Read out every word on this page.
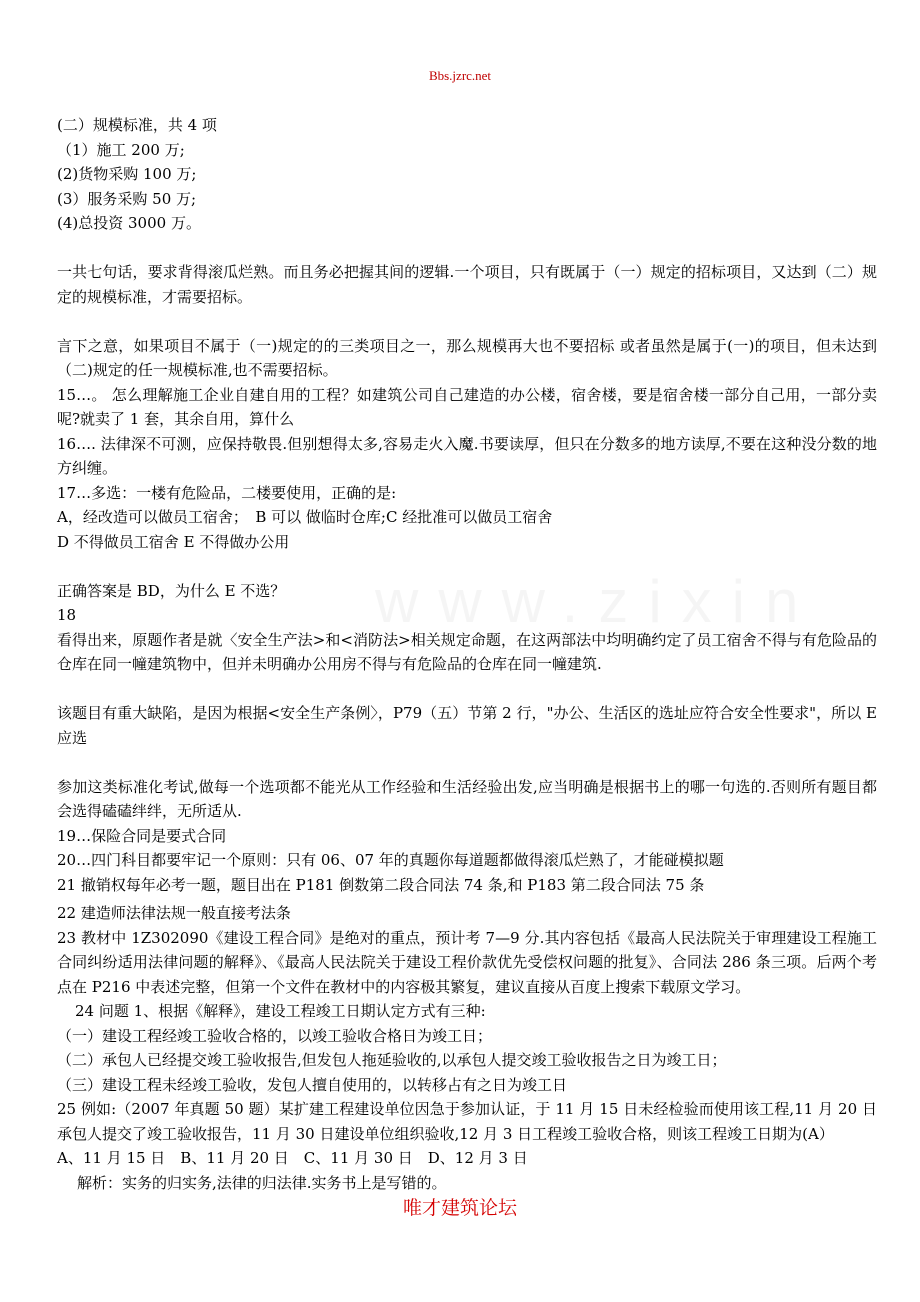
Bbs.jzrc.net
(二）规模标准，共 4 项
（1）施工 200 万;
(2)货物采购 100 万;
(3）服务采购 50 万;
(4)总投资 3000 万。
一共七句话，要求背得滚瓜烂熟。而且务必把握其间的逻辑.一个项目，只有既属于（一）规定的招标项目，又达到（二）规定的规模标准，才需要招标。
言下之意，如果项目不属于（一)规定的的三类项目之一，那么规模再大也不要招标 或者虽然是属于(一)的项目，但未达到（二)规定的任一规模标准,也不需要招标。
15…。 怎么理解施工企业自建自用的工程？如建筑公司自己建造的办公楼，宿舍楼，要是宿舍楼一部分自己用，一部分卖呢?就卖了 1 套，其余自用，算什么
16…. 法律深不可测，应保持敬畏.但别想得太多,容易走火入魔.书要读厚，但只在分数多的地方读厚,不要在这种没分数的地方纠缠。
17…多选：一楼有危险品，二楼要使用，正确的是:
A，经改造可以做员工宿舍；　B 可以 做临时仓库;C 经批准可以做员工宿舍
D 不得做员工宿舍 E 不得做办公用
正确答案是 BD，为什么 E 不选？
18
看得出来，原题作者是就〈安全生产法>和<消防法>相关规定命题，在这两部法中均明确约定了员工宿舍不得与有危险品的仓库在同一幢建筑物中，但并未明确办公用房不得与有危险品的仓库在同一幢建筑.
该题目有重大缺陷，是因为根据<安全生产条例〉，P79（五）节第 2 行，"办公、生活区的选址应符合安全性要求"，所以 E 应选
参加这类标准化考试,做每一个选项都不能光从工作经验和生活经验出发,应当明确是根据书上的哪一句选的.否则所有题目都会选得磕磕绊绊，无所适从.
19…保险合同是要式合同
20…四门科目都要牢记一个原则：只有 06、07 年的真题你每道题都做得滚瓜烂熟了，才能碰模拟题
21 撤销权每年必考一题，题目出在 P181 倒数第二段合同法 74 条,和 P183 第二段合同法 75 条
22 建造师法律法规一般直接考法条
23 教材中 1Z302090《建设工程合同》是绝对的重点，预计考 7—9 分.其内容包括《最高人民法院关于审理建设工程施工合同纠纷适用法律问题的解释》、《最高人民法院关于建设工程价款优先受偿权问题的批复》、合同法 286 条三项。后两个考点在 P216 中表述完整，但第一个文件在教材中的内容极其繁复，建议直接从百度上搜索下载原文学习。
24 问题 1、根据《解释》，建设工程竣工日期认定方式有三种:
（一）建设工程经竣工验收合格的，以竣工验收合格日为竣工日；
（二）承包人已经提交竣工验收报告,但发包人拖延验收的,以承包人提交竣工验收报告之日为竣工日；
（三）建设工程未经竣工验收，发包人擅自使用的，以转移占有之日为竣工日
25 例如:（2007 年真题 50 题）某扩建工程建设单位因急于参加认证，于 11 月 15 日未经检验而使用该工程,11 月 20 日承包人提交了竣工验收报告，11 月 30 日建设单位组织验收,12 月 3 日工程竣工验收合格，则该工程竣工日期为(A）
A、11 月 15 日　B、11 月 20 日　C、11 月 30 日　D、12 月 3 日
解析：实务的归实务,法律的归法律.实务书上是写错的。
唯才建筑论坛
